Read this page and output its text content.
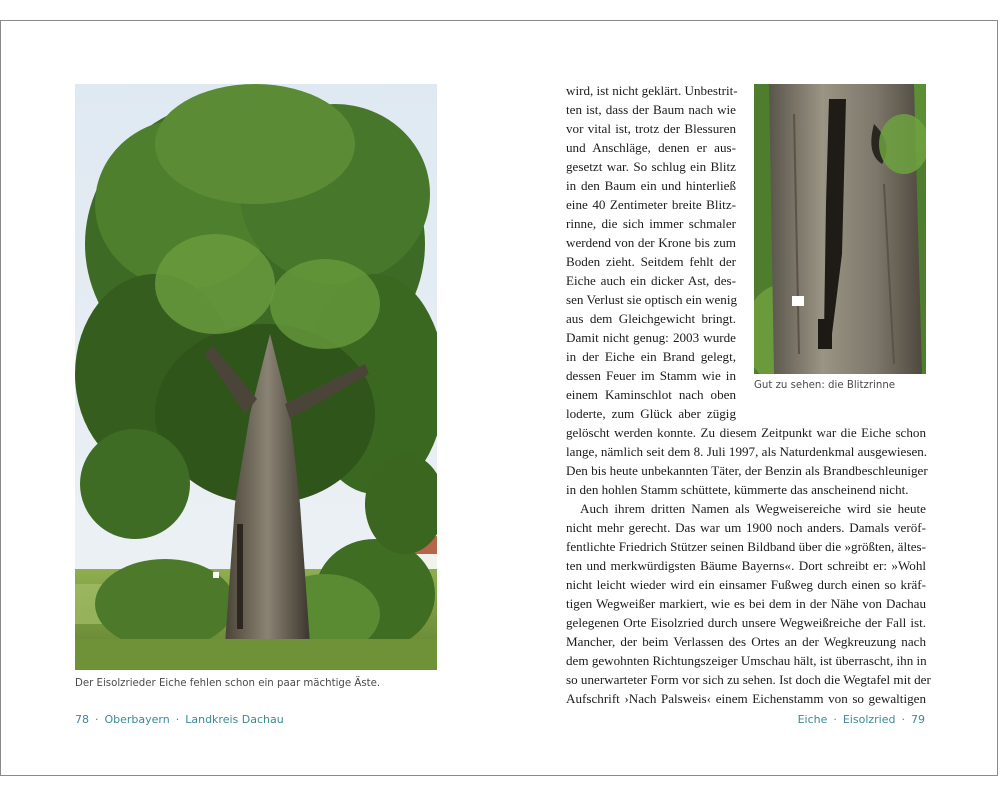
Der Eisolzrieder Eiche fehlen schon ein paar mächtige Äste.
78 · Oberbayern · Landkreis Dachau
Gut zu sehen: die Blitzrinne
wird, ist nicht geklärt. Unbestrit-
ten ist, dass der Baum nach wie
vor vital ist, trotz der Blessuren
und Anschläge, denen er aus-
gesetzt war. So schlug ein Blitz
in den Baum ein und hinterließ
eine 40 Zentimeter breite Blitz-
rinne, die sich immer schmaler
werdend von der Krone bis zum
Boden zieht. Seitdem fehlt der
Eiche auch ein dicker Ast, des-
sen Verlust sie optisch ein wenig
aus dem Gleichgewicht bringt.
Damit nicht genug: 2003 wurde
in der Eiche ein Brand gelegt,
dessen Feuer im Stamm wie in
einem Kaminschlot nach oben
loderte, zum Glück aber zügig
gelöscht werden konnte. Zu diesem Zeitpunkt war die Eiche schon
lange, nämlich seit dem 8. Juli 1997, als Naturdenkmal ausgewiesen.
Den bis heute unbekannten Täter, der Benzin als Brandbeschleuniger
in den hohlen Stamm schüttete, kümmerte das anscheinend nicht.
Auch ihrem dritten Namen als Wegweisereiche wird sie heute
nicht mehr gerecht. Das war um 1900 noch anders. Damals veröf-
fentlichte Friedrich Stützer seinen Bildband über die »größten, ältes-
ten und merkwürdigsten Bäume Bayerns«. Dort schreibt er: »Wohl
nicht leicht wieder wird ein einsamer Fußweg durch einen so kräf-
tigen Wegweißer markiert, wie es bei dem in der Nähe von Dachau
gelegenen Orte Eisolzried durch unsere Wegweißreiche der Fall ist.
Mancher, der beim Verlassen des Ortes an der Wegkreuzung nach
dem gewohnten Richtungszeiger Umschau hält, ist überrascht, ihn in
so unerwarteter Form vor sich zu sehen. Ist doch die Wegtafel mit der
Aufschrift ›Nach Palsweis‹ einem Eichenstamm von so gewaltigen
Eiche · Eisolzried · 79
